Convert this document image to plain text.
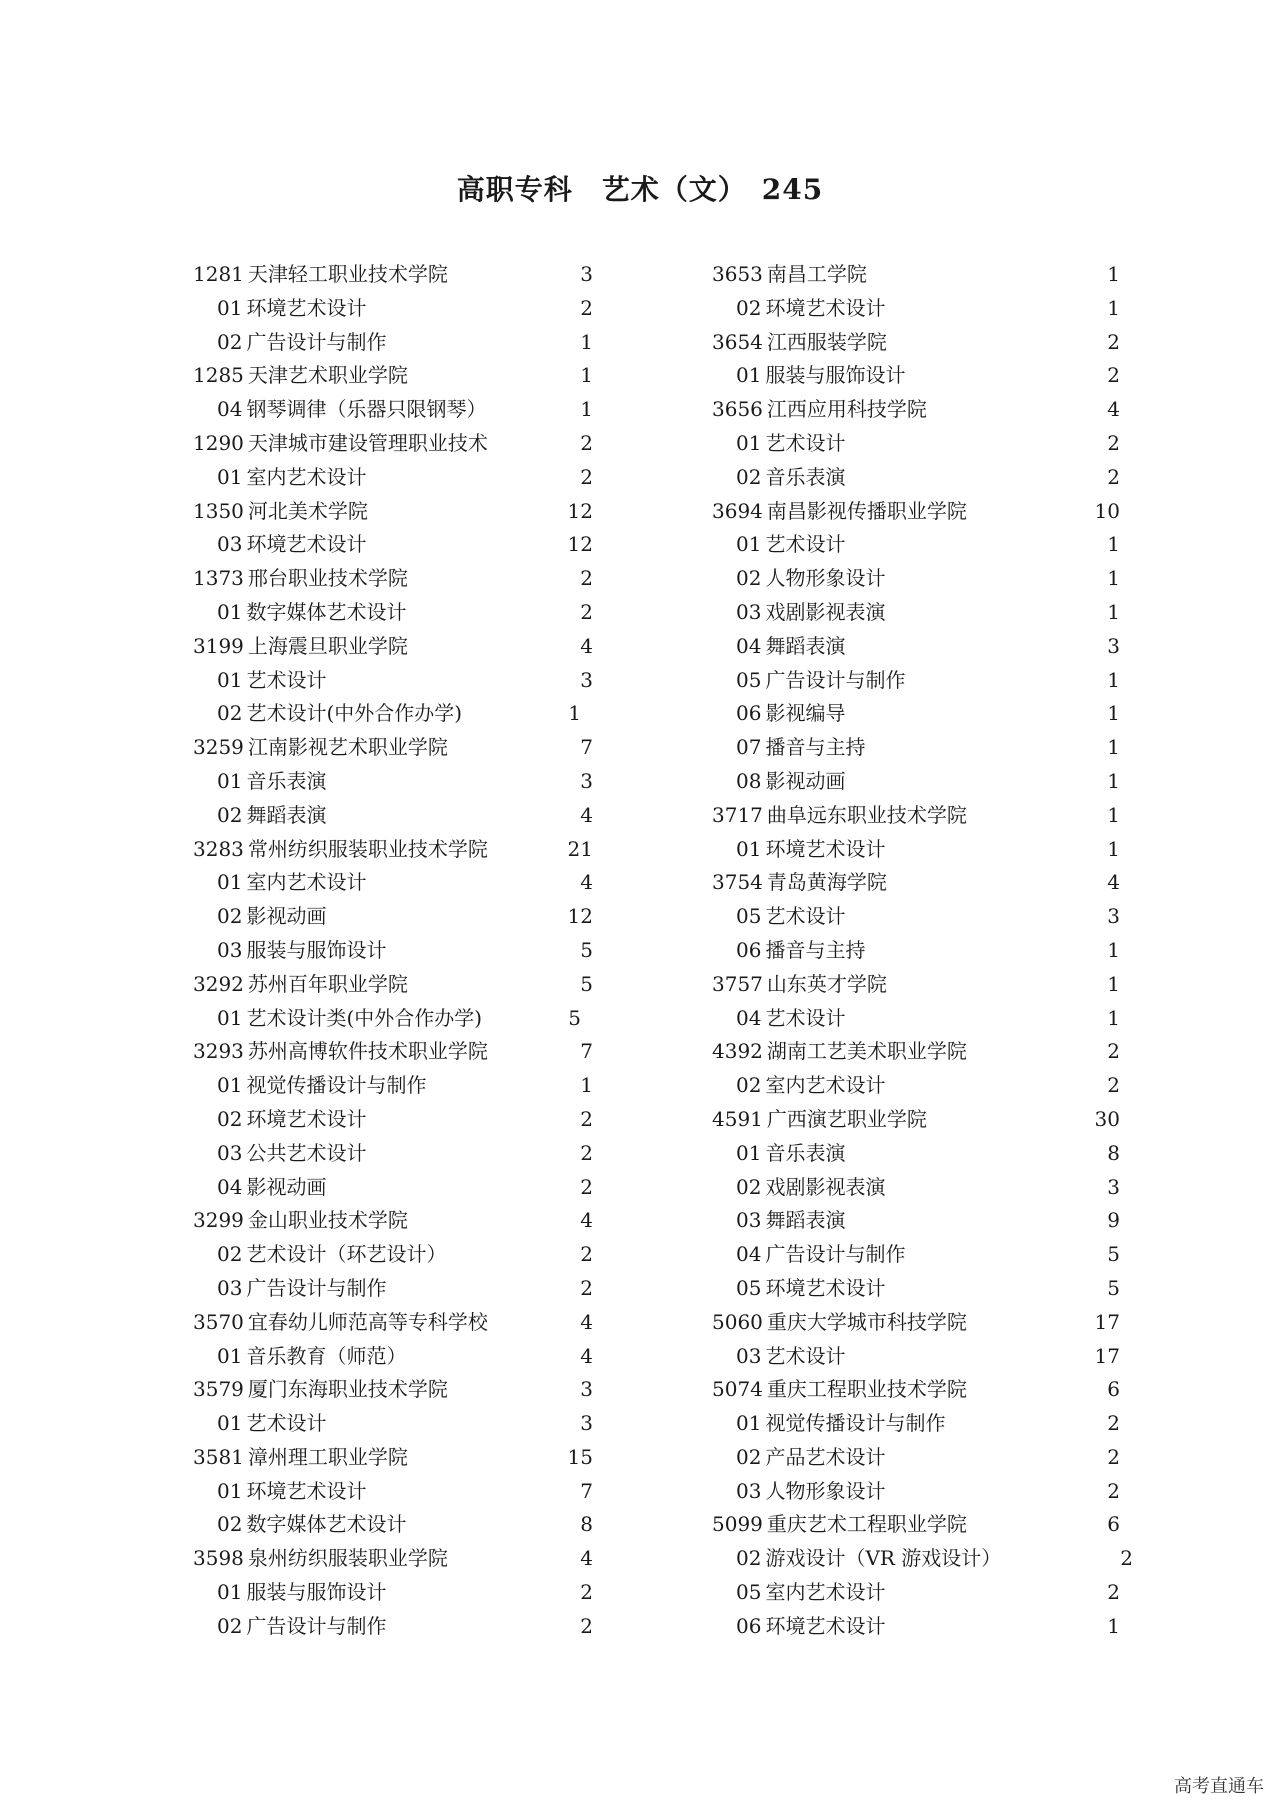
高职专科　艺术（文）　245
1281 天津轻工职业技术学院	3
01 环境艺术设计	2
02 广告设计与制作	1
1285 天津艺术职业学院	1
04 钢琴调律（乐器只限钢琴）	1
1290 天津城市建设管理职业技术	2
01 室内艺术设计	2
1350 河北美术学院	12
03 环境艺术设计	12
1373 邢台职业技术学院	2
01 数字媒体艺术设计	2
3199 上海震旦职业学院	4
01 艺术设计	3
02 艺术设计(中外合作办学)	1
3259 江南影视艺术职业学院	7
01 音乐表演	3
02 舞蹈表演	4
3283 常州纺织服装职业技术学院	21
01 室内艺术设计	4
02 影视动画	12
03 服装与服饰设计	5
3292 苏州百年职业学院	5
01 艺术设计类(中外合作办学)	5
3293 苏州高博软件技术职业学院	7
01 视觉传播设计与制作	1
02 环境艺术设计	2
03 公共艺术设计	2
04 影视动画	2
3299 金山职业技术学院	4
02 艺术设计（环艺设计）	2
03 广告设计与制作	2
3570 宜春幼儿师范高等专科学校	4
01 音乐教育（师范）	4
3579 厦门东海职业技术学院	3
01 艺术设计	3
3581 漳州理工职业学院	15
01 环境艺术设计	7
02 数字媒体艺术设计	8
3598 泉州纺织服装职业学院	4
01 服装与服饰设计	2
02 广告设计与制作	2
3653 南昌工学院	1
02 环境艺术设计	1
3654 江西服装学院	2
01 服装与服饰设计	2
3656 江西应用科技学院	4
01 艺术设计	2
02 音乐表演	2
3694 南昌影视传播职业学院	10
01 艺术设计	1
02 人物形象设计	1
03 戏剧影视表演	1
04 舞蹈表演	3
05 广告设计与制作	1
06 影视编导	1
07 播音与主持	1
08 影视动画	1
3717 曲阜远东职业技术学院	1
01 环境艺术设计	1
3754 青岛黄海学院	4
05 艺术设计	3
06 播音与主持	1
3757 山东英才学院	1
04 艺术设计	1
4392 湖南工艺美术职业学院	2
02 室内艺术设计	2
4591 广西演艺职业学院	30
01 音乐表演	8
02 戏剧影视表演	3
03 舞蹈表演	9
04 广告设计与制作	5
05 环境艺术设计	5
5060 重庆大学城市科技学院	17
03 艺术设计	17
5074 重庆工程职业技术学院	6
01 视觉传播设计与制作	2
02 产品艺术设计	2
03 人物形象设计	2
5099 重庆艺术工程职业学院	6
02 游戏设计（VR 游戏设计）	2
05 室内艺术设计	2
06 环境艺术设计	1
高考直通车
